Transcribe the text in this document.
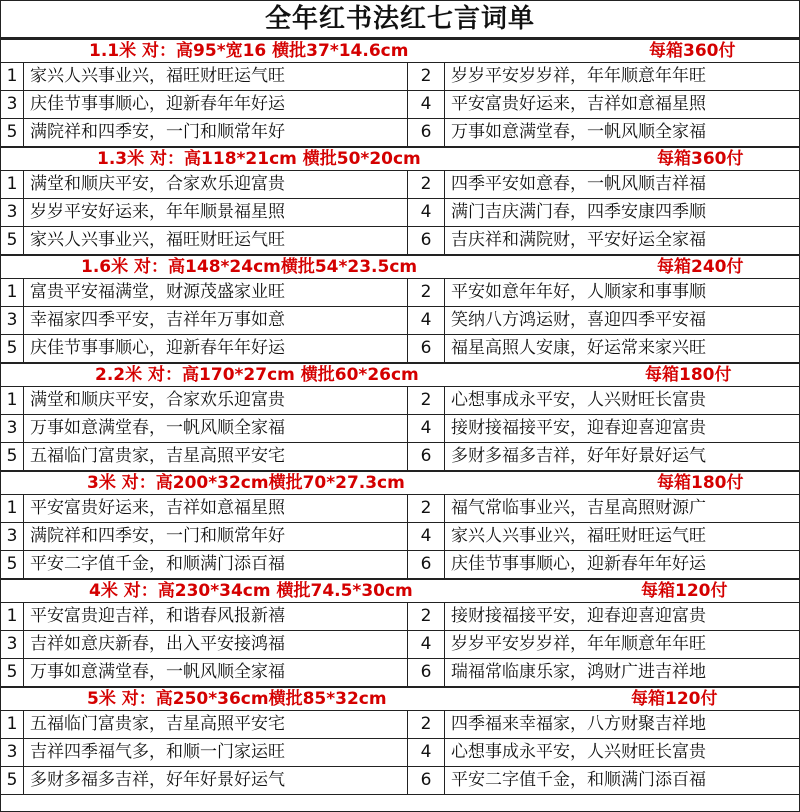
全年红书法红七言词单
1.1米 对：高95*宽16 横批37*14.6cm	每箱360付
1 家兴人兴事业兴，福旺财旺运气旺	2	岁岁平安岁岁祥，年年顺意年年旺
3 庆佳节事事顺心，迎新春年年好运	4	平安富贵好运来，吉祥如意福星照
5 满院祥和四季安，一门和顺常年好	6	万事如意满堂春，一帆风顺全家福
1.3米 对：高118*21cm 横批50*20cm	每箱360付
1 满堂和顺庆平安，合家欢乐迎富贵	2	四季平安如意春，一帆风顺吉祥福
3 岁岁平安好运来，年年顺景福星照	4	满门吉庆满门春，四季安康四季顺
5 家兴人兴事业兴，福旺财旺运气旺	6	吉庆祥和满院财，平安好运全家福
1.6米 对：高148*24cm横批54*23.5cm	每箱240付
1 富贵平安福满堂，财源茂盛家业旺	2	平安如意年年好，人顺家和事事顺
3 幸福家四季平安，吉祥年万事如意	4	笑纳八方鸿运财，喜迎四季平安福
5 庆佳节事事顺心，迎新春年年好运	6	福星高照人安康，好运常来家兴旺
2.2米 对：高170*27cm 横批60*26cm	每箱180付
1 满堂和顺庆平安，合家欢乐迎富贵	2	心想事成永平安，人兴财旺长富贵
3 万事如意满堂春，一帆风顺全家福	4	接财接福接平安，迎春迎喜迎富贵
5 五福临门富贵家，吉星高照平安宅	6	多财多福多吉祥，好年好景好运气
3米 对：高200*32cm横批70*27.3cm	每箱180付
1 平安富贵好运来，吉祥如意福星照	2	福气常临事业兴，吉星高照财源广
3 满院祥和四季安，一门和顺常年好	4	家兴人兴事业兴，福旺财旺运气旺
5 平安二字值千金，和顺满门添百福	6	庆佳节事事顺心，迎新春年年好运
4米 对：高230*34cm 横批74.5*30cm	每箱120付
1 平安富贵迎吉祥，和谐春风报新禧	2	接财接福接平安，迎春迎喜迎富贵
3 吉祥如意庆新春，出入平安接鸿福	4	岁岁平安岁岁祥，年年顺意年年旺
5 万事如意满堂春，一帆风顺全家福	6	瑞福常临康乐家，鸿财广进吉祥地
5米 对：高250*36cm横批85*32cm	每箱120付
1 五福临门富贵家，吉星高照平安宅	2	四季福来幸福家，八方财聚吉祥地
3 吉祥四季福气多，和顺一门家运旺	4	心想事成永平安，人兴财旺长富贵
5 多财多福多吉祥，好年好景好运气	6	平安二字值千金，和顺满门添百福
